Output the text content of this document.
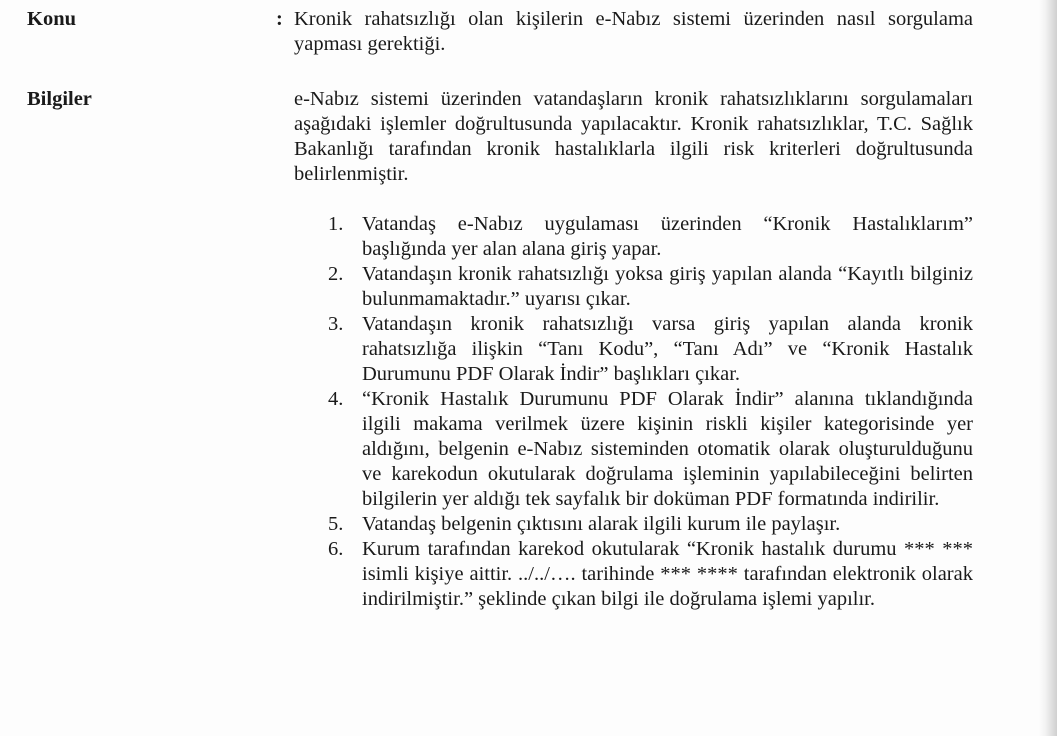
Konu	: Kronik rahatsızlığı olan kişilerin e-Nabız sistemi üzerinden nasıl sorgulama yapması gerektiği.

Bilgiler	e-Nabız sistemi üzerinden vatandaşların kronik rahatsızlıklarını sorgulamaları aşağıdaki işlemler doğrultusunda yapılacaktır. Kronik rahatsızlıklar, T.C. Sağlık Bakanlığı tarafından kronik hastalıklarla ilgili risk kriterleri doğrultusunda belirlenmiştir.

1. Vatandaş e-Nabız uygulaması üzerinden “Kronik Hastalıklarım” başlığında yer alan alana giriş yapar.
2. Vatandaşın kronik rahatsızlığı yoksa giriş yapılan alanda “Kayıtlı bilginiz bulunmamaktadır.” uyarısı çıkar.
3. Vatandaşın kronik rahatsızlığı varsa giriş yapılan alanda kronik rahatsızlığa ilişkin “Tanı Kodu”, “Tanı Adı” ve “Kronik Hastalık Durumunu PDF Olarak İndir” başlıkları çıkar.
4. “Kronik Hastalık Durumunu PDF Olarak İndir” alanına tıklandığında ilgili makama verilmek üzere kişinin riskli kişiler kategorisinde yer aldığını, belgenin e-Nabız sisteminden otomatik olarak oluşturulduğunu ve karekodun okutularak doğrulama işleminin yapılabileceğini belirten bilgilerin yer aldığı tek sayfalık bir doküman PDF formatında indirilir.
5. Vatandaş belgenin çıktısını alarak ilgili kurum ile paylaşır.
6. Kurum tarafından karekod okutularak “Kronik hastalık durumu *** *** isimli kişiye aittir. ../../…. tarihinde *** **** tarafından elektronik olarak indirilmiştir.” şeklinde çıkan bilgi ile doğrulama işlemi yapılır.
